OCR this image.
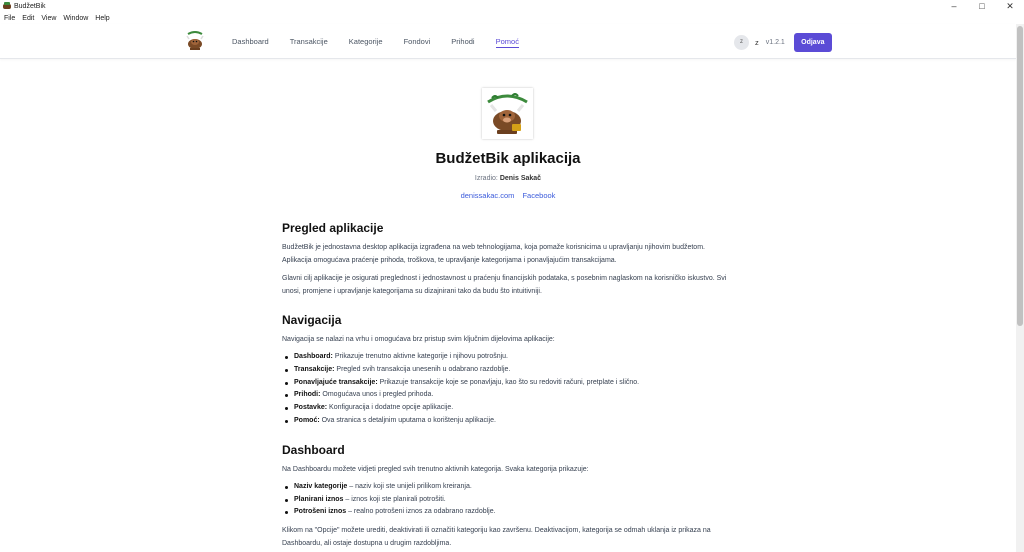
BudžetBik	–	□	✕
File Edit View Window Help
Dashboard	Transakcije	Kategorije	Fondovi	Prihodi	Pomoć	z	z v1.2.1	Odjava
BudžetBik aplikacija
Izradio: Denis Sakač
denissakac.com Facebook
Pregled aplikacije

BudžetBik je jednostavna desktop aplikacija izgrađena na web tehnologijama, koja pomaže korisnicima u upravljanju njihovim budžetom. Aplikacija omogućava praćenje prihoda, troškova, te upravljanje kategorijama i ponavljajućim transakcijama.

Glavni cilj aplikacije je osigurati preglednost i jednostavnost u praćenju financijskih podataka, s posebnim naglaskom na korisničko iskustvo. Svi unosi, promjene i upravljanje kategorijama su dizajnirani tako da budu što intuitivniji.

Navigacija

Navigacija se nalazi na vrhu i omogućava brz pristup svim ključnim dijelovima aplikacije:

Dashboard: Prikazuje trenutno aktivne kategorije i njihovu potrošnju.
Transakcije: Pregled svih transakcija unesenih u odabrano razdoblje.
Ponavljajuće transakcije: Prikazuje transakcije koje se ponavljaju, kao što su redoviti računi, pretplate i slično.
Prihodi: Omogućava unos i pregled prihoda.
Postavke: Konfiguracija i dodatne opcije aplikacije.
Pomoć: Ova stranica s detaljnim uputama o korištenju aplikacije.
Dashboard

Na Dashboardu možete vidjeti pregled svih trenutno aktivnih kategorija. Svaka kategorija prikazuje:

Naziv kategorije – naziv koji ste unijeli prilikom kreiranja.
Planirani iznos – iznos koji ste planirali potrošiti.
Potrošeni iznos – realno potrošeni iznos za odabrano razdoblje.

Klikom na "Opcije" možete urediti, deaktivirati ili označiti kategoriju kao završenu. Deaktivacijom, kategorija se odmah uklanja iz prikaza na Dashboardu, ali ostaje dostupna u drugim razdobljima.
